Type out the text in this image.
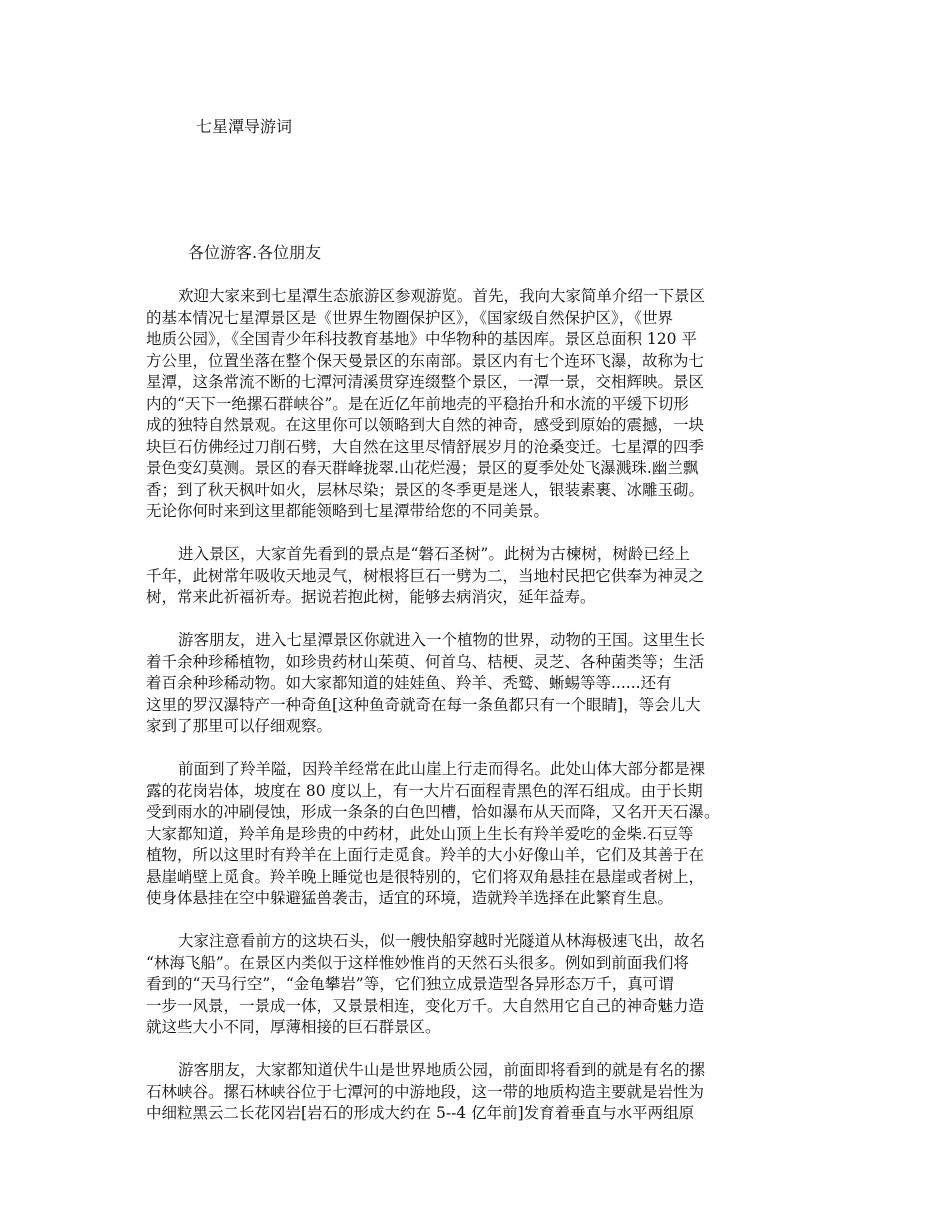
七星潭导游词
各位游客.各位朋友
欢迎大家来到七星潭生态旅游区参观游览。首先，我向大家简单介绍一下景区
的基本情况七星潭景区是《世界生物圈保护区》，《国家级自然保护区》，《世界
地质公园》，《全国青少年科技教育基地》中华物种的基因库。景区总面积 120 平
方公里，位置坐落在整个保天曼景区的东南部。景区内有七个连环飞瀑，故称为七
星潭，这条常流不断的七潭河清溪贯穿连缀整个景区，一潭一景，交相辉映。景区
内的“天下一绝摞石群峡谷”。是在近亿年前地壳的平稳抬升和水流的平缓下切形
成的独特自然景观。在这里你可以领略到大自然的神奇，感受到原始的震撼，一块
块巨石仿佛经过刀削石劈，大自然在这里尽情舒展岁月的沧桑变迁。七星潭的四季
景色变幻莫测。景区的春天群峰拢翠.山花烂漫；景区的夏季处处飞瀑溅珠.幽兰飘
香；到了秋天枫叶如火，层林尽染；景区的冬季更是迷人，银装素裹、冰雕玉砌。
无论你何时来到这里都能领略到七星潭带给您的不同美景。
进入景区，大家首先看到的景点是“磐石圣树”。此树为古楝树，树龄已经上
千年，此树常年吸收天地灵气，树根将巨石一劈为二，当地村民把它供奉为神灵之
树，常来此祈福祈寿。据说若抱此树，能够去病消灾，延年益寿。
游客朋友，进入七星潭景区你就进入一个植物的世界，动物的王国。这里生长
着千余种珍稀植物，如珍贵药材山茱萸、何首乌、桔梗、灵芝、各种菌类等；生活
着百余种珍稀动物。如大家都知道的娃娃鱼、羚羊、秃鹫、蜥蜴等等......还有
这里的罗汉瀑特产一种奇鱼[这种鱼奇就奇在每一条鱼都只有一个眼睛]，等会儿大
家到了那里可以仔细观察。
前面到了羚羊隘，因羚羊经常在此山崖上行走而得名。此处山体大部分都是裸
露的花岗岩体，坡度在 80 度以上，有一大片石面程青黑色的浑石组成。由于长期
受到雨水的冲刷侵蚀，形成一条条的白色凹槽，恰如瀑布从天而降，又名开天石瀑。
大家都知道，羚羊角是珍贵的中药材，此处山顶上生长有羚羊爱吃的金柴.石豆等
植物，所以这里时有羚羊在上面行走觅食。羚羊的大小好像山羊，它们及其善于在
悬崖峭壁上觅食。羚羊晚上睡觉也是很特别的，它们将双角悬挂在悬崖或者树上，
使身体悬挂在空中躲避猛兽袭击，适宜的环境，造就羚羊选择在此繁育生息。
大家注意看前方的这块石头，似一艘快船穿越时光隧道从林海极速飞出，故名
“林海飞船”。在景区内类似于这样惟妙惟肖的天然石头很多。例如到前面我们将
看到的“天马行空”，“金龟攀岩”等，它们独立成景造型各异形态万千，真可谓
一步一风景，一景成一体，又景景相连，变化万千。大自然用它自己的神奇魅力造
就这些大小不同，厚薄相接的巨石群景区。
游客朋友，大家都知道伏牛山是世界地质公园，前面即将看到的就是有名的摞
石林峡谷。摞石林峡谷位于七潭河的中游地段，这一带的地质构造主要就是岩性为
中细粒黑云二长花冈岩[岩石的形成大约在 5--4 亿年前]发育着垂直与水平两组原
